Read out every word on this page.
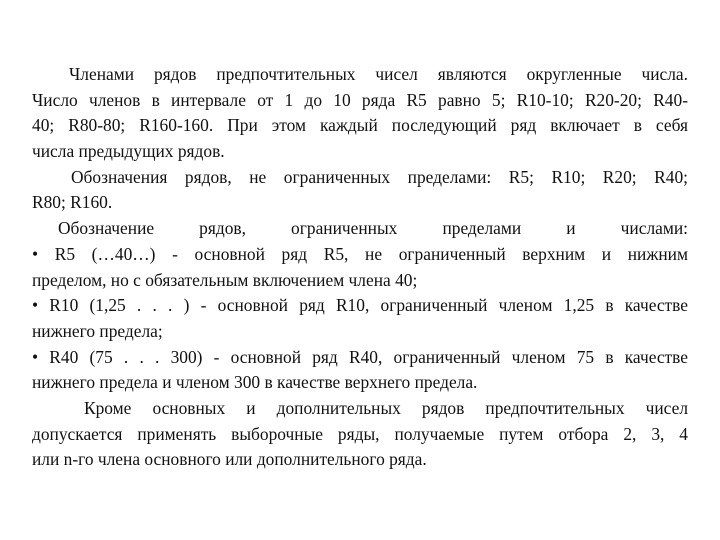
Членами рядов предпочтительных чисел являются округленные числа.
Число членов в интервале от 1 до 10 ряда R5 равно 5; R10-10; R20-20; R40-
40; R80-80; R160-160. При этом каждый последующий ряд включает в себя
числа предыдущих рядов.
Обозначения рядов, не ограниченных пределами: R5; R10; R20; R40;
R80; R160.
Обозначение рядов, ограниченных пределами и числами:
• R5 (…40…) - основной ряд R5, не ограниченный верхним и нижним
пределом, но с обязательным включением члена 40;
• R10 (1,25 . . . ) - основной ряд R10, ограниченный членом 1,25 в качестве
нижнего предела;
• R40 (75 . . . 300) - основной ряд R40, ограниченный членом 75 в качестве
нижнего предела и членом 300 в качестве верхнего предела.
Кроме основных и дополнительных рядов предпочтительных чисел
допускается применять выборочные ряды, получаемые путем отбора 2, 3, 4
или n-го члена основного или дополнительного ряда.
